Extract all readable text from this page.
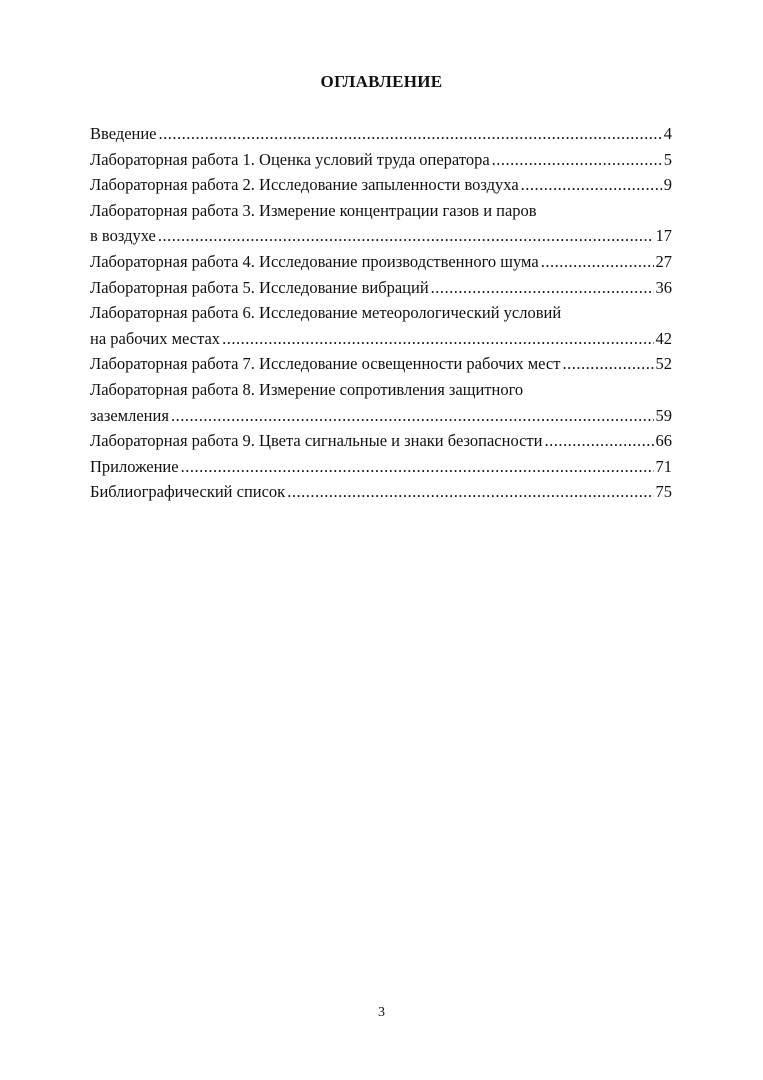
ОГЛАВЛЕНИЕ
Введение .....	4
Лабораторная работа 1. Оценка условий труда оператора .....	5
Лабораторная работа 2. Исследование запыленности воздуха .....	9
Лабораторная работа 3. Измерение концентрации газов и паров
в воздухе .....	17
Лабораторная работа 4. Исследование производственного шума .....	27
Лабораторная работа 5. Исследование вибраций .....	36
Лабораторная работа 6. Исследование метеорологический условий
на рабочих местах .....	42
Лабораторная работа 7. Исследование освещенности рабочих мест .....	52
Лабораторная работа 8. Измерение сопротивления защитного
заземления .....	59
Лабораторная работа 9. Цвета сигнальные и знаки безопасности .....	66
Приложение .....	71
Библиографический список .....	75
3
